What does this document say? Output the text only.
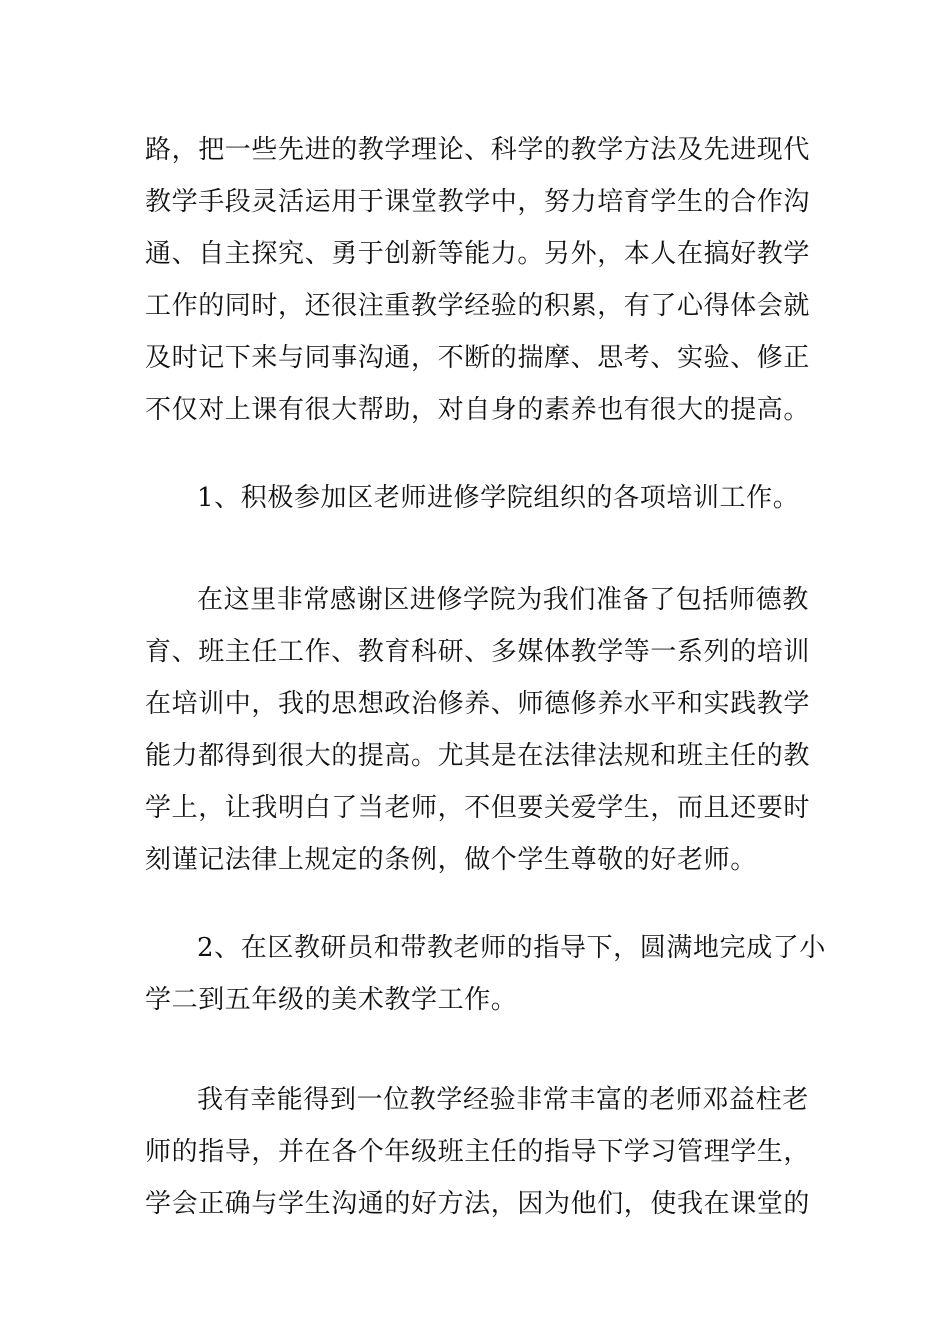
路，把一些先进的教学理论、科学的教学方法及先进现代
教学手段灵活运用于课堂教学中，努力培育学生的合作沟
通、自主探究、勇于创新等能力。另外，本人在搞好教学
工作的同时，还很注重教学经验的积累，有了心得体会就
及时记下来与同事沟通，不断的揣摩、思考、实验、修正
不仅对上课有很大帮助，对自身的素养也有很大的提高。
1、积极参加区老师进修学院组织的各项培训工作。
在这里非常感谢区进修学院为我们准备了包括师德教
育、班主任工作、教育科研、多媒体教学等一系列的培训
在培训中，我的思想政治修养、师德修养水平和实践教学
能力都得到很大的提高。尤其是在法律法规和班主任的教
学上，让我明白了当老师，不但要关爱学生，而且还要时
刻谨记法律上规定的条例，做个学生尊敬的好老师。
2、在区教研员和带教老师的指导下，圆满地完成了小
学二到五年级的美术教学工作。
我有幸能得到一位教学经验非常丰富的老师邓益柱老
师的指导，并在各个年级班主任的指导下学习管理学生，
学会正确与学生沟通的好方法，因为他们，使我在课堂的
